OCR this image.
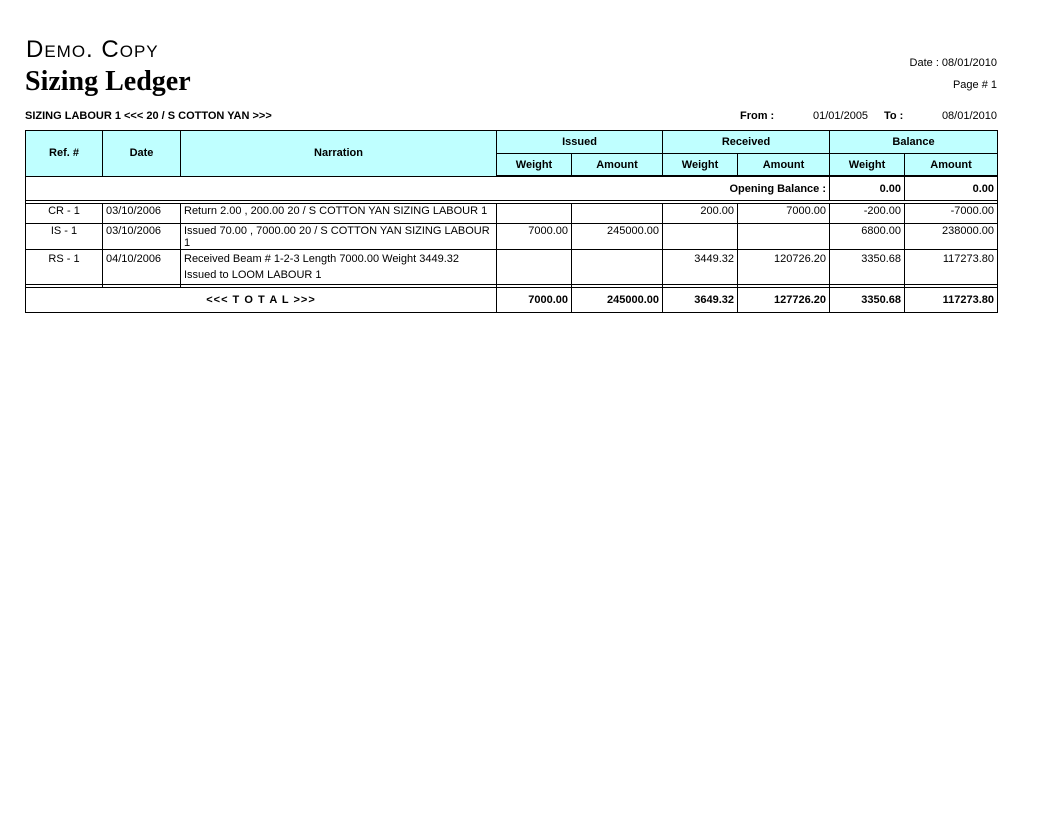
Demo. Copy
Sizing Ledger
Date : 08/01/2010
Page # 1
SIZING LABOUR 1 <<< 20 / S COTTON YAN >>>	From :	01/01/2005 To :	08/01/2010
Ref. #	Date	Narration	Issued		Received		Balance	
			Weight	Amount	Weight	Amount	Weight	Amount
Opening Balance :							0.00	0.00

CR - 1	03/10/2006	Return 2.00 , 200.00 20 / S COTTON YAN SIZING LABOUR 1			200.00	7000.00	-200.00	-7000.00
IS - 1	03/10/2006	Issued 70.00 , 7000.00 20 / S COTTON YAN SIZING LABOUR 1	7000.00	245000.00			6800.00	238000.00
RS - 1	04/10/2006	Received Beam # 1-2-3 Length 7000.00 Weight 3449.32 Issued to LOOM LABOUR 1			3449.32	120726.20	3350.68	117273.80

<<< T O T A L >>>			7000.00	245000.00	3649.32	127726.20	3350.68	117273.80
